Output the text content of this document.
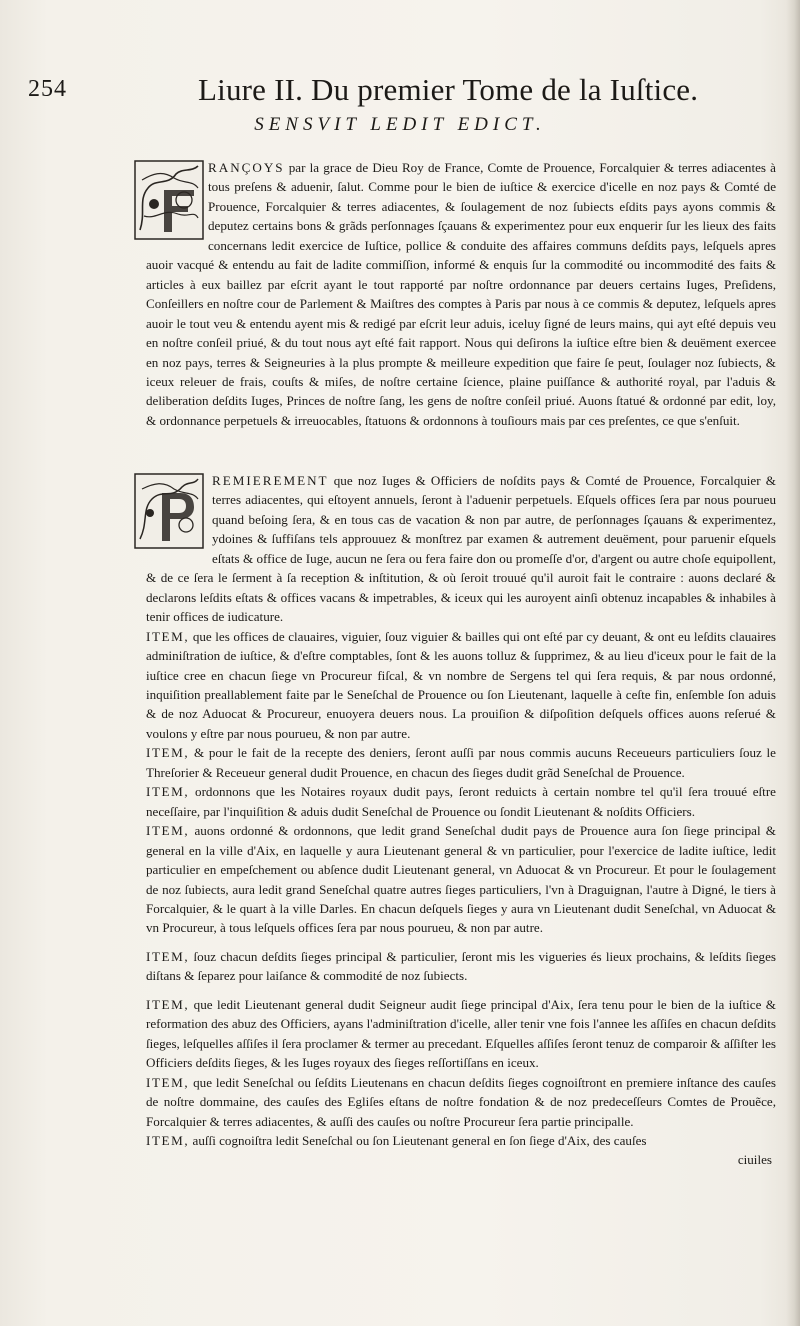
254	Liure II. Du premier Tome de la Iuſtice.
SENSVIT LEDIT EDICT.

RANÇOYS par la grace de Dieu Roy de France, Comte de Prouence, Forcalquier & terres adiacentes à tous preſens & aduenir, ſalut. Comme pour le bien de iuſtice & exercice d'icelle en noz pays & Comté de Prouence, Forcalquier & terres adiacentes, & ſoulagement de noz ſubiects eſdits pays ayons commis & deputez certains bons & grãds perſonnages ſçauans & experimentez pour eux enquerir ſur les lieux des faits concernans ledit exercice de Iuſtice, pollice & conduite des affaires communs deſdits pays, leſquels apres auoir vacqué & entendu au fait de ladite commiſſion, informé & enquis ſur la commodité ou incommodité des faits & articles à eux baillez par eſcrit ayant le tout rapporté par noſtre ordonnance par deuers certains Iuges, Preſidens, Conſeillers en noſtre cour de Parlement & Maiſtres des comptes à Paris par nous à ce commis & deputez, leſquels apres auoir le tout veu & entendu ayent mis & redigé par eſcrit leur aduis, iceluy ſigné de leurs mains, qui ayt eſté depuis veu en noſtre conſeil priué, & du tout nous ayt eſté fait rapport. Nous qui deſirons la iuſtice eſtre bien & deuëment exercee en noz pays, terres & Seigneuries à la plus prompte & meilleure expedition que faire ſe peut, ſoulager noz ſubiects, & iceux releuer de frais, couſts & miſes, de noſtre certaine ſcience, plaine puiſſance & authorité royal, par l'aduis & deliberation deſdits Iuges, Princes de noſtre ſang, les gens de noſtre conſeil priué. Auons ſtatué & ordonné par edit, loy, & ordonnance perpetuels & irreuocables, ſtatuons & ordonnons à touſiours mais par ces preſentes, ce que s'enſuit.

REMIEREMENT que noz Iuges & Officiers de noſdits pays & Comté de Prouence, Forcalquier & terres adiacentes, qui eſtoyent annuels, ſeront à l'aduenir perpetuels. Eſquels offices ſera par nous pourueu quand beſoing ſera, & en tous cas de vacation & non par autre, de perſonnages ſçauans & experimentez, ydoines & ſuffiſans tels approuuez & monſtrez par examen & autrement deuëment, pour paruenir eſquels eſtats & office de Iuge, aucun ne ſera ou fera faire don ou promeſſe d'or, d'argent ou autre choſe equipollent, & de ce ſera le ſerment à ſa reception & inſtitution, & où ſeroit trouué qu'il auroit fait le contraire : auons declaré & declarons leſdits eſtats & offices vacans & impetrables, & iceux qui les auroyent ainſi obtenuz incapables & inhabiles à tenir offices de iudicature.

ITEM, que les offices de clauaires, viguier, ſouz viguier & bailles qui ont eſté par cy deuant, & ont eu leſdits clauaires adminiſtration de iuſtice, & d'eſtre comptables, ſont & les auons tolluz & ſupprimez, & au lieu d'iceux pour le fait de la iuſtice cree en chacun ſiege vn Procureur fiſcal, & vn nombre de Sergens tel qui ſera requis, & par nous ordonné, inquiſition preallablement faite par le Seneſchal de Prouence ou ſon Lieutenant, laquelle à ceſte fin, enſemble ſon aduis & de noz Aduocat & Procureur, enuoyera deuers nous. La prouiſion & diſpoſition deſquels offices auons reſerué & voulons y eſtre par nous pourueu, & non par autre.

ITEM, & pour le fait de la recepte des deniers, ſeront auſſi par nous commis aucuns Receueurs particuliers ſouz le Threſorier & Receueur general dudit Prouence, en chacun des ſieges dudit grãd Seneſchal de Prouence.

ITEM, ordonnons que les Notaires royaux dudit pays, ſeront reduicts à certain nombre tel qu'il ſera trouué eſtre neceſſaire, par l'inquiſition & aduis dudit Seneſchal de Prouence ou ſondit Lieutenant & noſdits Officiers.

ITEM, auons ordonné & ordonnons, que ledit grand Seneſchal dudit pays de Prouence aura ſon ſiege principal & general en la ville d'Aix, en laquelle y aura Lieutenant general & vn particulier, pour l'exercice de ladite iuſtice, ledit particulier en empeſchement ou abſence dudit Lieutenant general, vn Aduocat & vn Procureur. Et pour le ſoulagement de noz ſubiects, aura ledit grand Seneſchal quatre autres ſieges particuliers, l'vn à Draguignan, l'autre à Digné, le tiers à Forcalquier, & le quart à la ville Darles. En chacun deſquels ſieges y aura vn Lieutenant dudit Seneſchal, vn Aduocat & vn Procureur, à tous leſquels offices ſera par nous pourueu, & non par autre.

ITEM, ſouz chacun deſdits ſieges principal & particulier, ſeront mis les vigueries és lieux prochains, & leſdits ſieges diſtans & ſeparez pour laiſance & commodité de noz ſubiects.

ITEM, que ledit Lieutenant general dudit Seigneur audit ſiege principal d'Aix, ſera tenu pour le bien de la iuſtice & reformation des abuz des Officiers, ayans l'adminiſtration d'icelle, aller tenir vne fois l'annee les aſſiſes en chacun deſdits ſieges, leſquelles aſſiſes il ſera proclamer & termer au precedant. Eſquelles aſſiſes ſeront tenuz de comparoir & aſſiſter les Officiers deſdits ſieges, & les Iuges royaux des ſieges reſſortiſſans en iceux.

ITEM, que ledit Seneſchal ou ſeſdits Lieutenans en chacun deſdits ſieges cognoiſtront en premiere inſtance des cauſes de noſtre dommaine, des cauſes des Egliſes eſtans de noſtre fondation & de noz predeceſſeurs Comtes de Prouẽce, Forcalquier & terres adiacentes, & auſſi des cauſes ou noſtre Procureur ſera partie principalle.

ITEM, auſſi cognoiſtra ledit Seneſchal ou ſon Lieutenant general en ſon ſiege d'Aix, des cauſes

ciuiles
